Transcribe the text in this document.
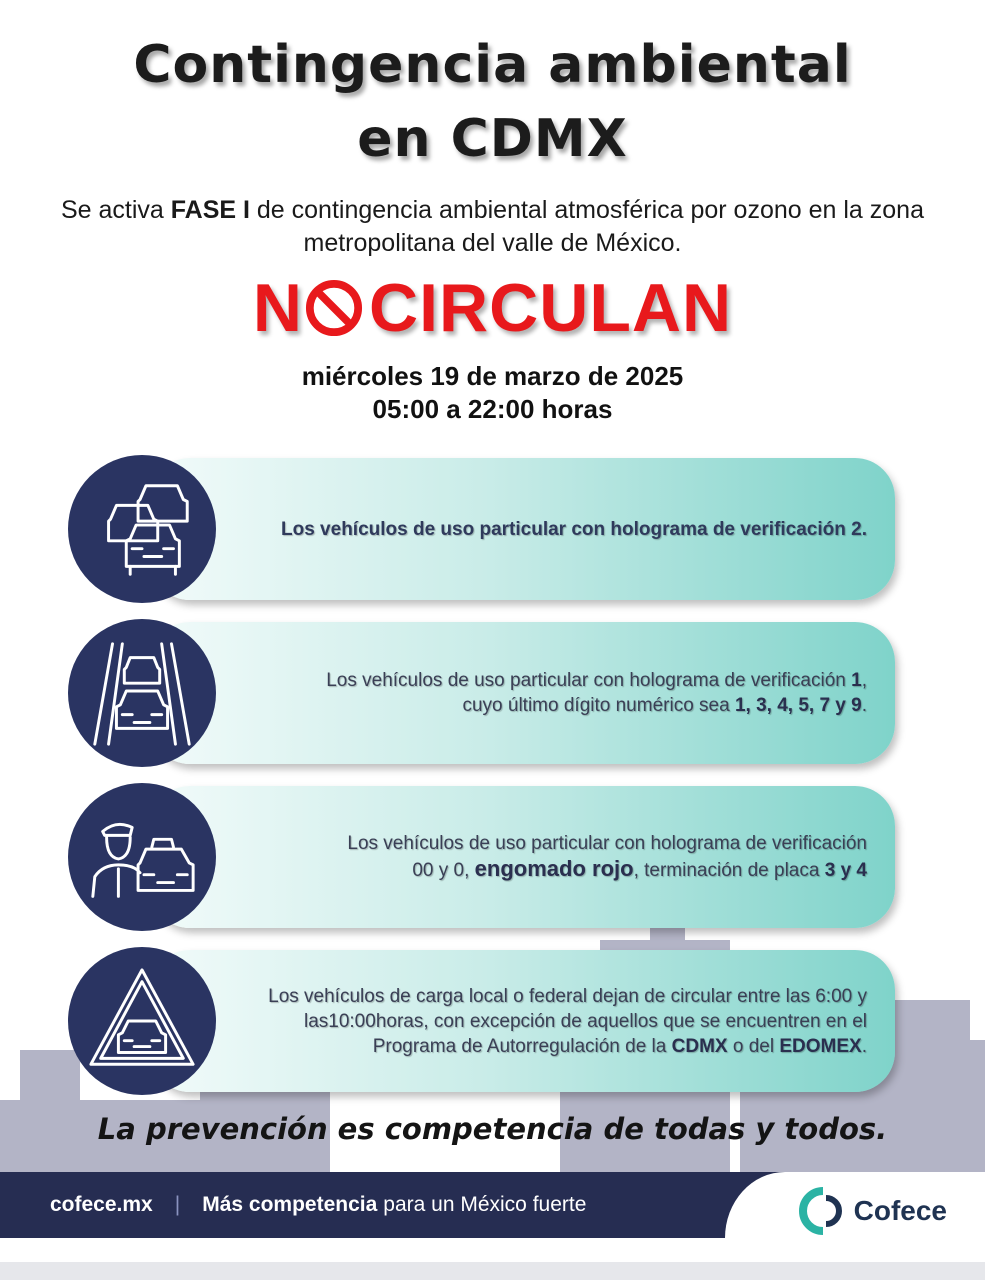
Contingencia ambiental
en CDMX
Se activa FASE I de contingencia ambiental atmosférica por ozono en la zona metropolitana del valle de México.
N CIRCULAN
miércoles 19 de marzo de 2025
05:00 a 22:00 horas
Los vehículos de uso particular con holograma de verificación 2.
Los vehículos de uso particular con holograma de verificación 1,
cuyo último dígito numérico sea 1, 3, 4, 5, 7 y 9.
Los vehículos de uso particular con holograma de verificación
00 y 0, engomado rojo, terminación de placa 3 y 4
Los vehículos de carga local o federal dejan de circular entre las 6:00 y
las10:00horas, con excepción de aquellos que se encuentren en el
Programa de Autorregulación de la CDMX o del EDOMEX.
La prevención es competencia de todas y todos.
cofece.mx | Más competencia para un México fuerte	Cofece
